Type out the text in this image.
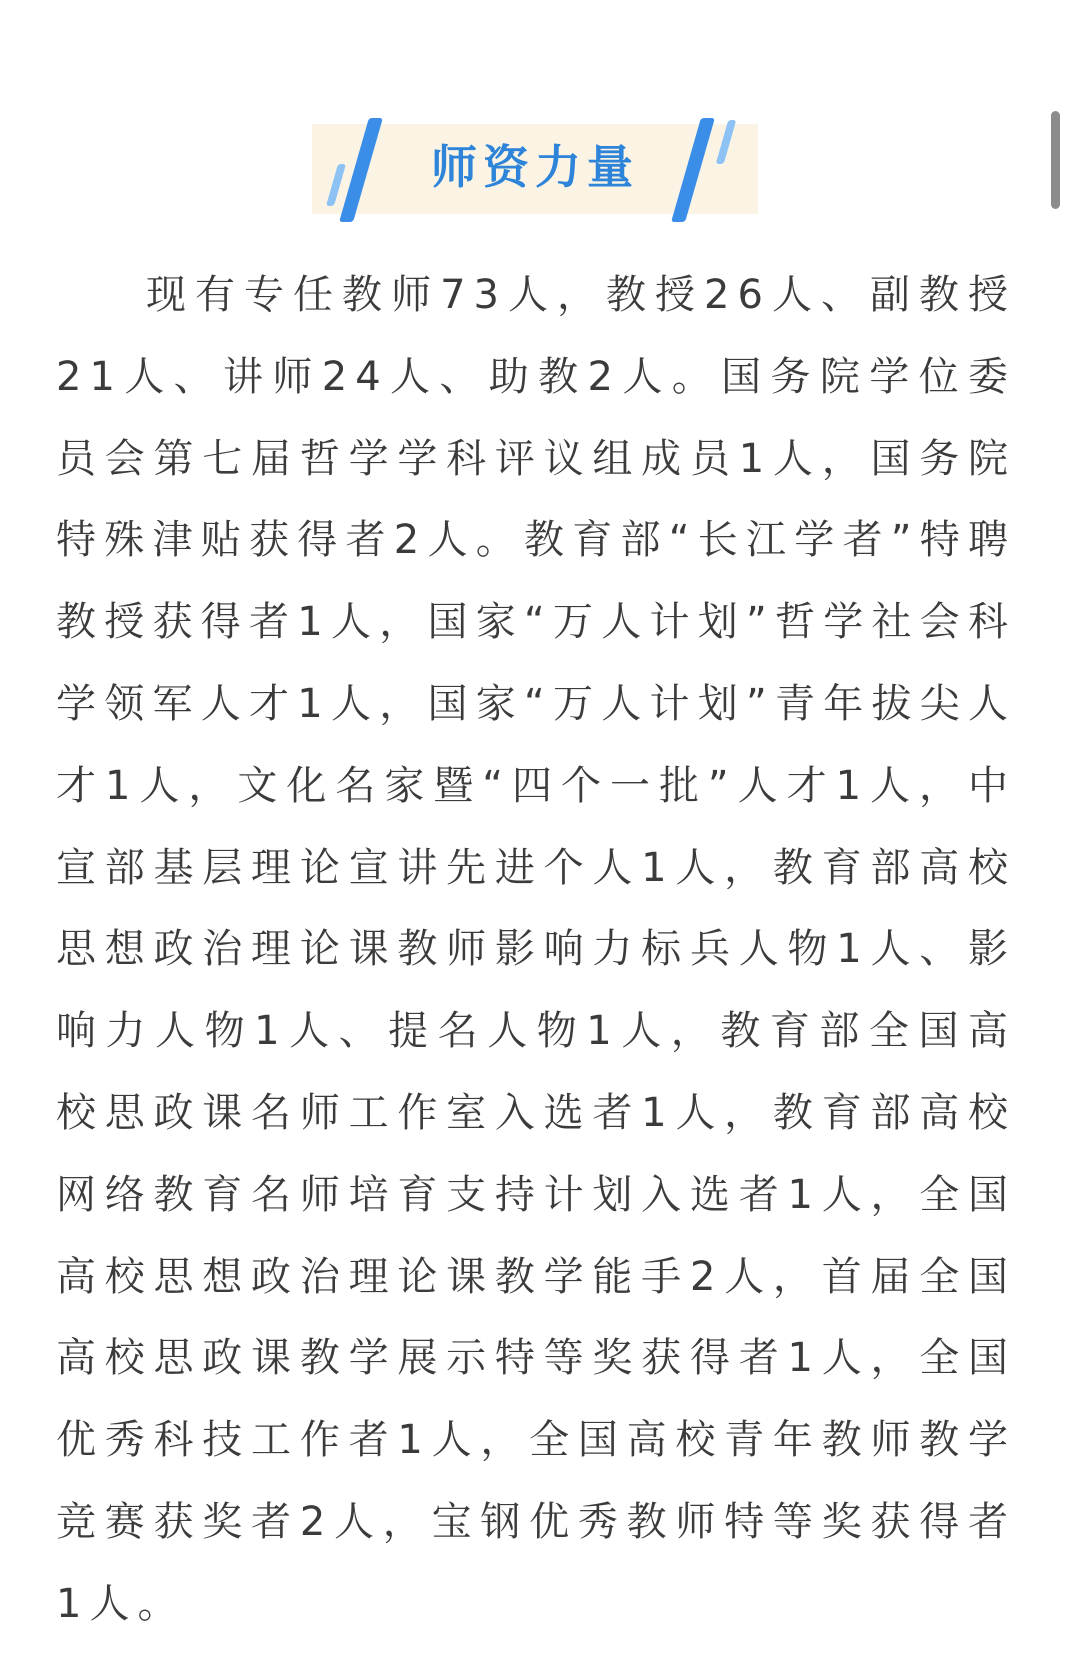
师资力量

现有专任教师73人，教授26人、副教授21人、讲师24人、助教2人。国务院学位委员会第七届哲学学科评议组成员1人，国务院特殊津贴获得者2人。教育部“长江学者”特聘教授获得者1人，国家“万人计划”哲学社会科学领军人才1人，国家“万人计划”青年拔尖人才1人，文化名家暨“四个一批”人才1人，中宣部基层理论宣讲先进个人1人，教育部高校思想政治理论课教师影响力标兵人物1人、影响力人物1人、提名人物1人，教育部全国高校思政课名师工作室入选者1人，教育部高校网络教育名师培育支持计划入选者1人，全国高校思想政治理论课教学能手2人，首届全国高校思政课教学展示特等奖获得者1人，全国优秀科技工作者1人，全国高校青年教师教学竞赛获奖者2人，宝钢优秀教师特等奖获得者1人。
